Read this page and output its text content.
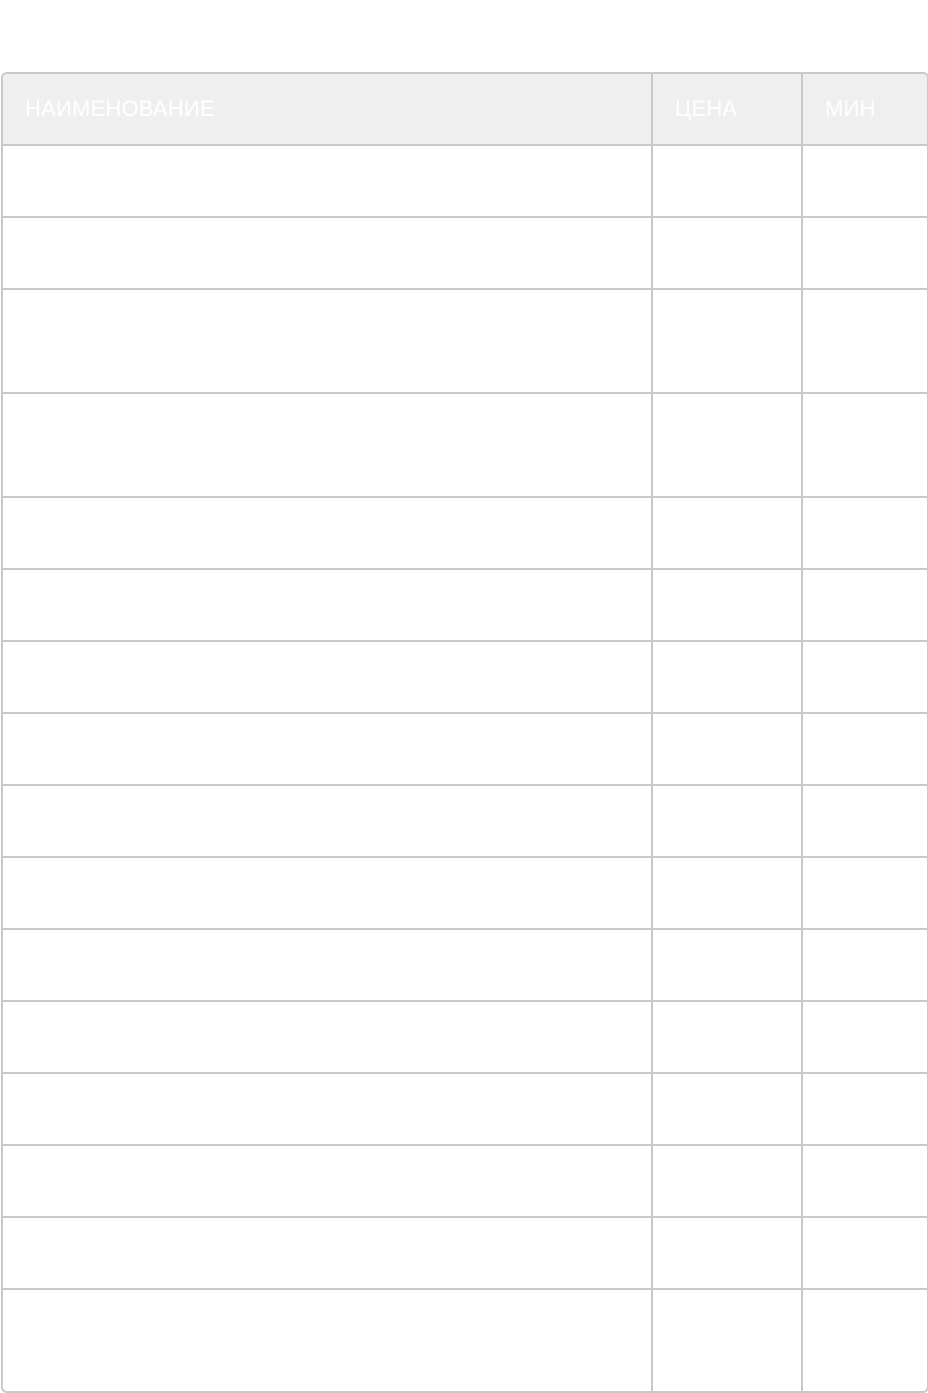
НАИМЕНОВАНИЕ	ЦЕНА	МИН
